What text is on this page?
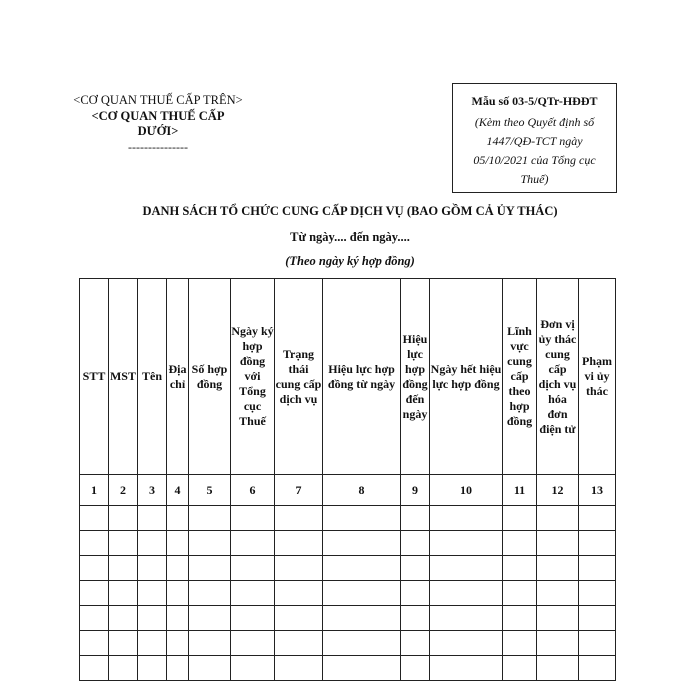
<CƠ QUAN THUẾ CẤP TRÊN>
<CƠ QUAN THUẾ CẤP DƯỚI>
---------------
Mẫu số 03-5/QTr-HĐĐT
(Kèm theo Quyết định số 1447/QĐ-TCT ngày 05/10/2021 của Tổng cục Thuế)
DANH SÁCH TỔ CHỨC CUNG CẤP DỊCH VỤ (BAO GỒM CẢ ỦY THÁC)
Từ ngày.... đến ngày....
(Theo ngày ký hợp đồng)
STT	MST	Tên	Địa chỉ	Số hợp đồng	Ngày ký hợp đồng với Tổng cục Thuế	Trạng thái cung cấp dịch vụ	Hiệu lực hợp đồng từ ngày	Hiệu lực hợp đồng đến ngày	Ngày hết hiệu lực hợp đồng	Lĩnh vực cung cấp theo hợp đồng	Đơn vị ủy thác cung cấp dịch vụ hóa đơn điện tử	Phạm vi ủy thác
1	2	3	4	5	6	7	8	9	10	11	12	13
